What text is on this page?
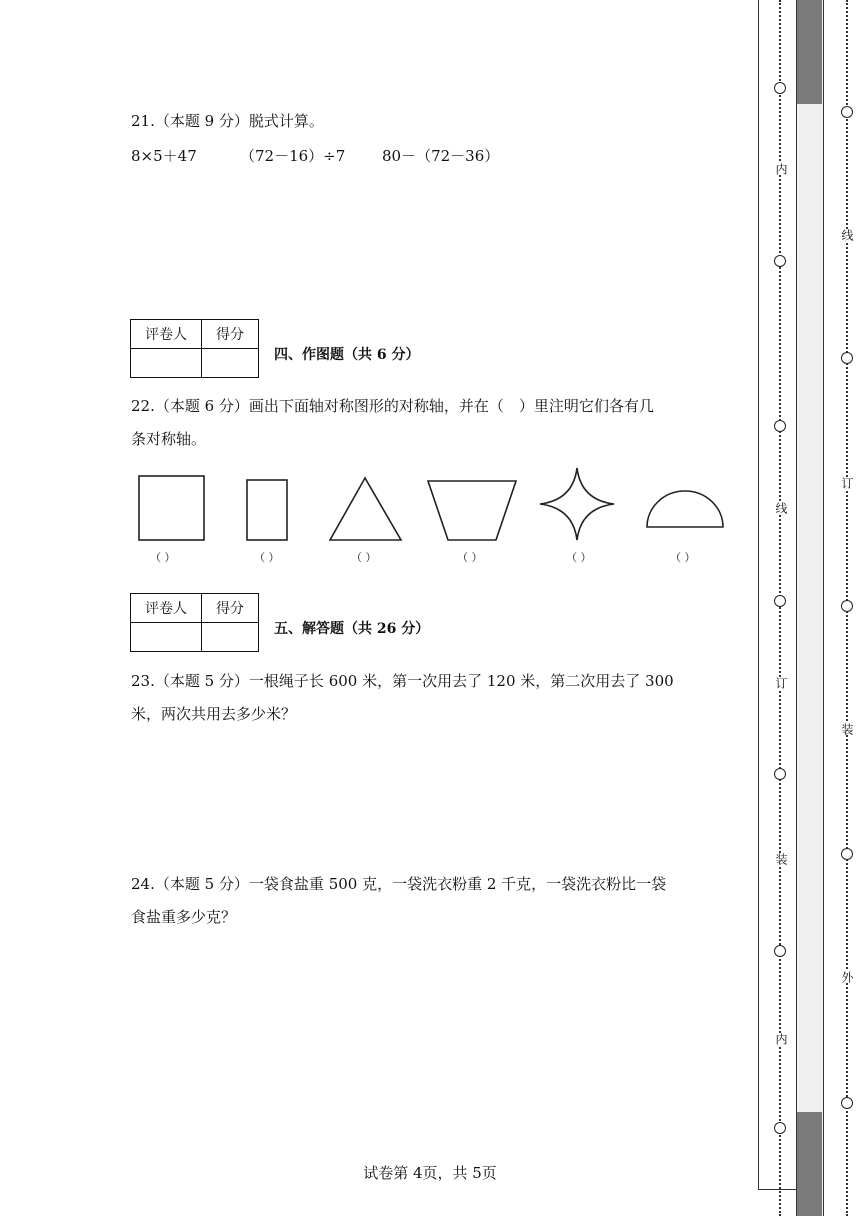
21.（本题 9 分）脱式计算。
8×5＋47	（72－16）÷7 80－（72－36）
评卷人	得分

四、作图题（共 6 分）
22.（本题 6 分）画出下面轴对称图形的对称轴，并在（　）里注明它们各有几
条对称轴。
（ ）	（ ）	（ ）	（ ）	（ ）	（ ）
评卷人	得分

五、解答题（共 26 分）
23.（本题 5 分）一根绳子长 600 米，第一次用去了 120 米，第二次用去了 300
米，两次共用去多少米？
24.（本题 5 分）一袋食盐重 500 克，一袋洗衣粉重 2 千克，一袋洗衣粉比一袋
食盐重多少克？
试卷第 4页，共 5页
内
线
订
装
内
线
订
装
外
